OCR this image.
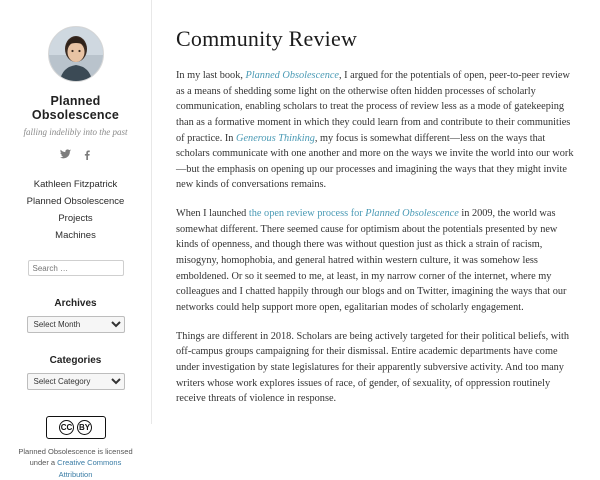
Planned Obsolescence
falling indelibly into the past
Kathleen Fitzpatrick
Planned Obsolescence
Projects
Machines
Search …
Archives
Select Month
Categories
Select Category
CC BY
Planned Obsolescence is licensed under a Creative Commons Attribution
Community Review

In my last book, Planned Obsolescence, I argued for the potentials of open, peer-to-peer review as a means of shedding some light on the otherwise often hidden processes of scholarly communication, enabling scholars to treat the process of review less as a mode of gatekeeping than as a formative moment in which they could learn from and contribute to their communities of practice. In Generous Thinking, my focus is somewhat different—less on the ways that scholars communicate with one another and more on the ways we invite the world into our work—but the emphasis on opening up our processes and imagining the ways that they might invite new kinds of conversations remains.

When I launched the open review process for Planned Obsolescence in 2009, the world was somewhat different. There seemed cause for optimism about the potentials presented by new kinds of openness, and though there was without question just as thick a strain of racism, misogyny, homophobia, and general hatred within western culture, it was somehow less emboldened. Or so it seemed to me, at least, in my narrow corner of the internet, where my colleagues and I chatted happily through our blogs and on Twitter, imagining the ways that our networks could help support more open, egalitarian modes of scholarly engagement.

Things are different in 2018. Scholars are being actively targeted for their political beliefs, with off-campus groups campaigning for their dismissal. Entire academic departments have come under investigation by state legislatures for their apparently subversive activity. And too many writers whose work explores issues of race, of gender, of sexuality, of oppression routinely receive threats of violence in response.
